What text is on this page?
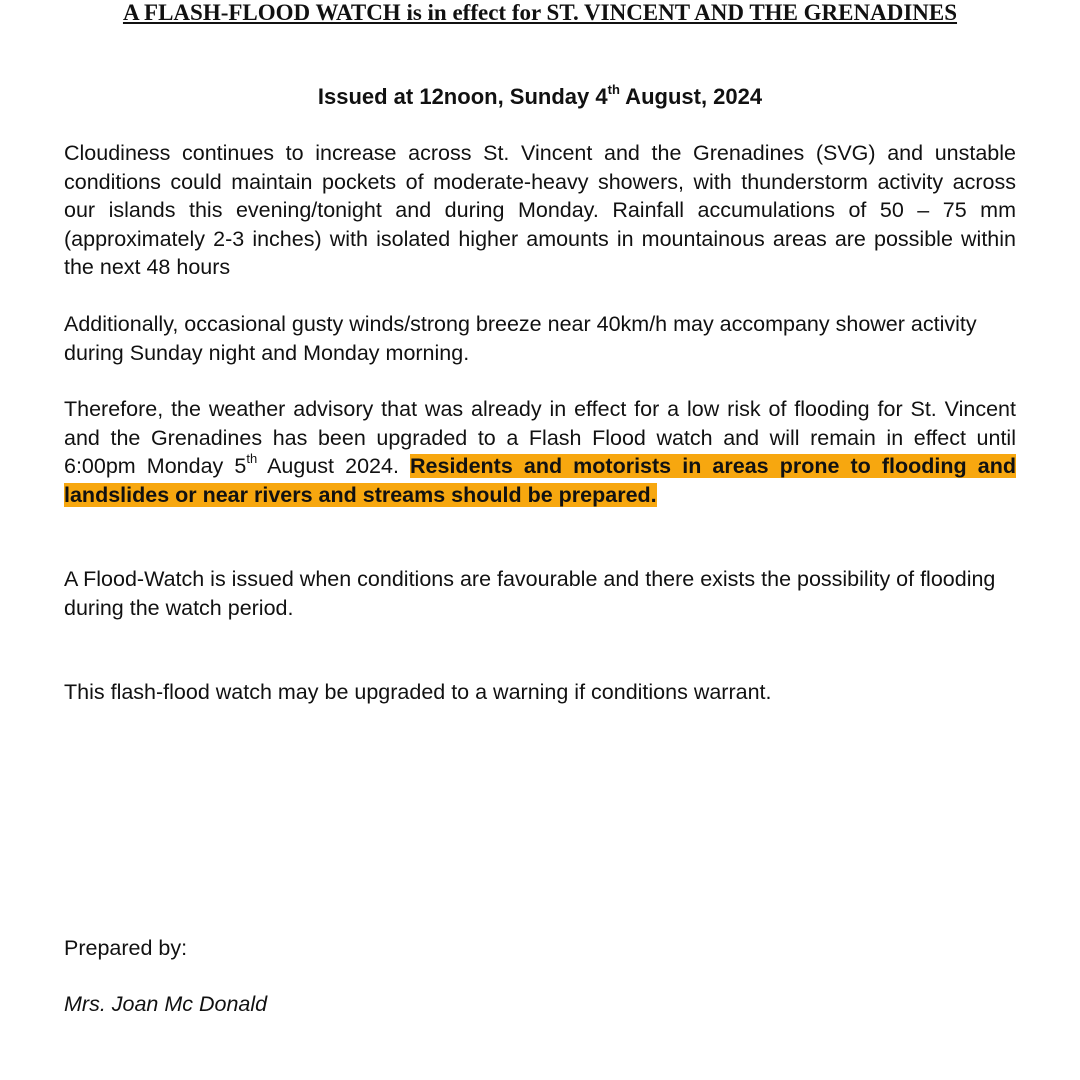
A FLASH-FLOOD WATCH is in effect for ST. VINCENT AND THE GRENADINES

Issued at 12noon, Sunday 4th August, 2024

Cloudiness continues to increase across St. Vincent and the Grenadines (SVG) and unstable conditions could maintain pockets of moderate-heavy showers, with thunderstorm activity across our islands this evening/tonight and during Monday. Rainfall accumulations of 50 – 75 mm (approximately 2-3 inches) with isolated higher amounts in mountainous areas are possible within the next 48 hours

Additionally, occasional gusty winds/strong breeze near 40km/h may accompany shower activity during Sunday night and Monday morning.

Therefore, the weather advisory that was already in effect for a low risk of flooding for St. Vincent and the Grenadines has been upgraded to a Flash Flood watch and will remain in effect until 6:00pm Monday 5th August 2024. Residents and motorists in areas prone to flooding and landslides or near rivers and streams should be prepared.

A Flood-Watch is issued when conditions are favourable and there exists the possibility of flooding during the watch period.

This flash-flood watch may be upgraded to a warning if conditions warrant.

Prepared by:

Mrs. Joan Mc Donald
